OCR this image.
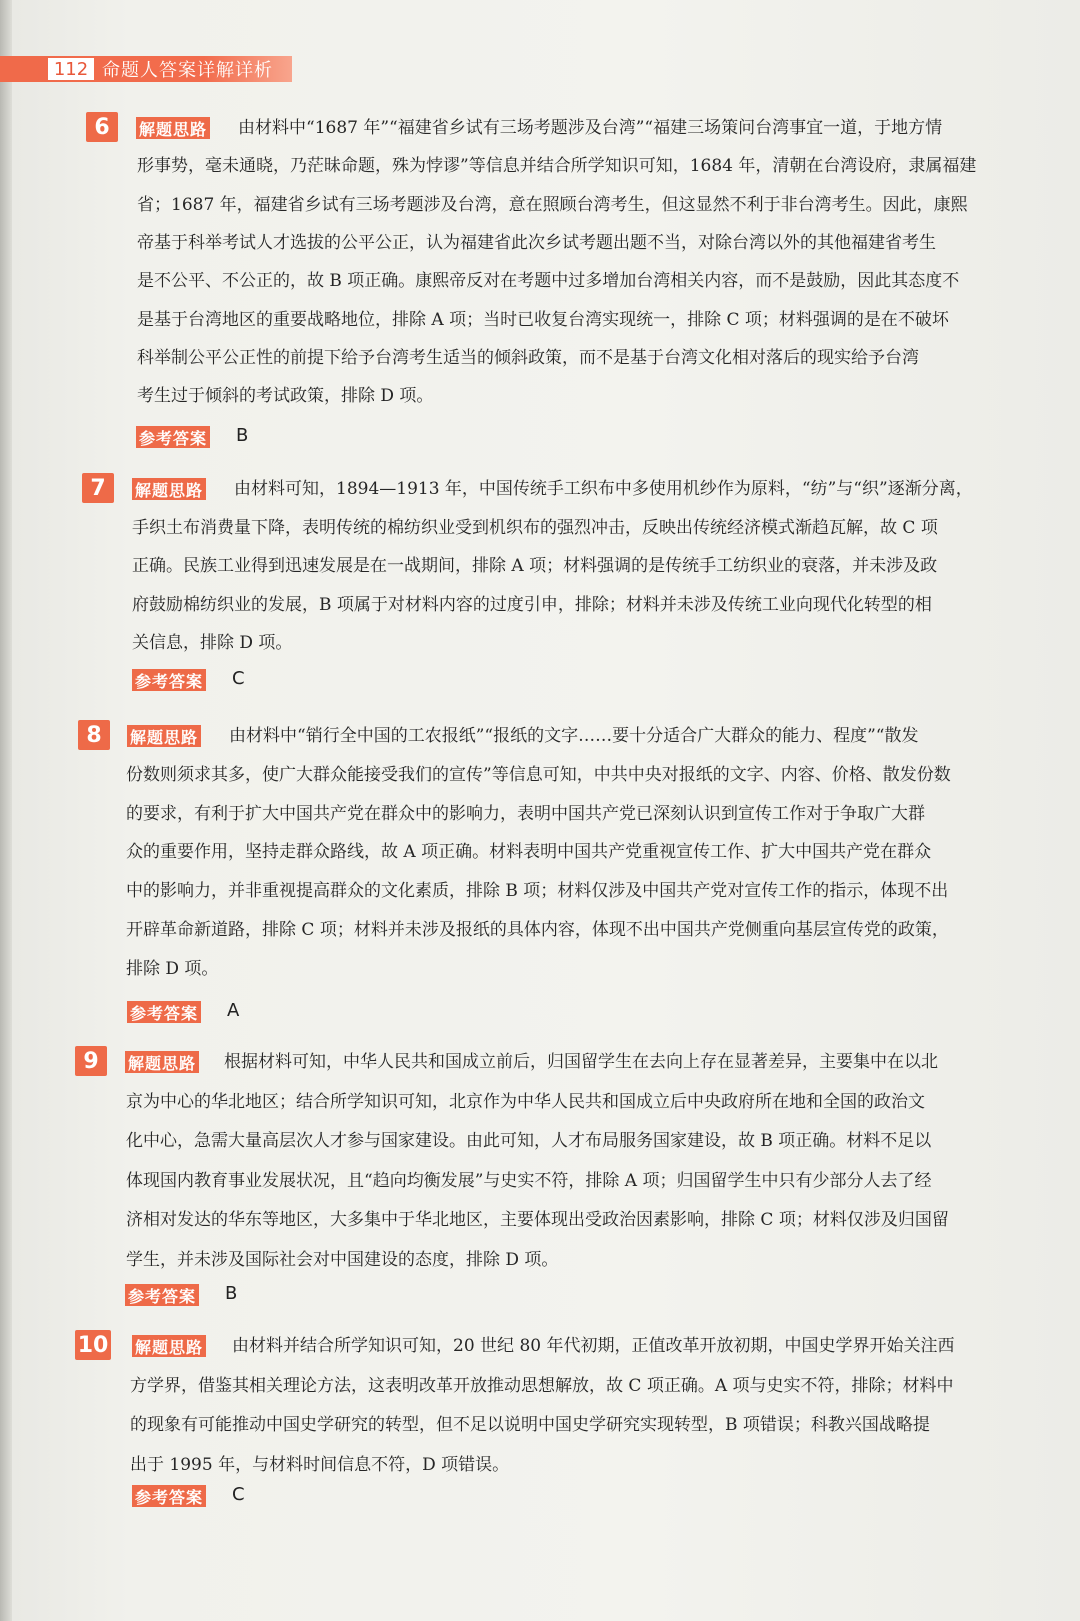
112 命题人答案详解详析
6	解题思路 由材料中“1687 年”“福建省乡试有三场考题涉及台湾”“福建三场策问台湾事宜一道，于地方情
形事势，毫未通晓，乃茫昧命题，殊为悖谬”等信息并结合所学知识可知，1684 年，清朝在台湾设府，隶属福建
省；1687 年，福建省乡试有三场考题涉及台湾，意在照顾台湾考生，但这显然不利于非台湾考生。因此，康熙
帝基于科举考试人才选拔的公平公正，认为福建省此次乡试考题出题不当，对除台湾以外的其他福建省考生
是不公平、不公正的，故 B 项正确。康熙帝反对在考题中过多增加台湾相关内容，而不是鼓励，因此其态度不
是基于台湾地区的重要战略地位，排除 A 项；当时已收复台湾实现统一，排除 C 项；材料强调的是在不破坏
科举制公平公正性的前提下给予台湾考生适当的倾斜政策，而不是基于台湾文化相对落后的现实给予台湾
考生过于倾斜的考试政策，排除 D 项。
参考答案 B
7	解题思路 由材料可知，1894—1913 年，中国传统手工织布中多使用机纱作为原料，“纺”与“织”逐渐分离，
手织土布消费量下降，表明传统的棉纺织业受到机织布的强烈冲击，反映出传统经济模式渐趋瓦解，故 C 项
正确。民族工业得到迅速发展是在一战期间，排除 A 项；材料强调的是传统手工纺织业的衰落，并未涉及政
府鼓励棉纺织业的发展，B 项属于对材料内容的过度引申，排除；材料并未涉及传统工业向现代化转型的相
关信息，排除 D 项。
参考答案 C
8	解题思路 由材料中“销行全中国的工农报纸”“报纸的文字……要十分适合广大群众的能力、程度”“散发
份数则须求其多，使广大群众能接受我们的宣传”等信息可知，中共中央对报纸的文字、内容、价格、散发份数
的要求，有利于扩大中国共产党在群众中的影响力，表明中国共产党已深刻认识到宣传工作对于争取广大群
众的重要作用，坚持走群众路线，故 A 项正确。材料表明中国共产党重视宣传工作、扩大中国共产党在群众
中的影响力，并非重视提高群众的文化素质，排除 B 项；材料仅涉及中国共产党对宣传工作的指示，体现不出
开辟革命新道路，排除 C 项；材料并未涉及报纸的具体内容，体现不出中国共产党侧重向基层宣传党的政策，
排除 D 项。
参考答案 A
9	解题思路 根据材料可知，中华人民共和国成立前后，归国留学生在去向上存在显著差异，主要集中在以北
京为中心的华北地区；结合所学知识可知，北京作为中华人民共和国成立后中央政府所在地和全国的政治文
化中心，急需大量高层次人才参与国家建设。由此可知，人才布局服务国家建设，故 B 项正确。材料不足以
体现国内教育事业发展状况，且“趋向均衡发展”与史实不符，排除 A 项；归国留学生中只有少部分人去了经
济相对发达的华东等地区，大多集中于华北地区，主要体现出受政治因素影响，排除 C 项；材料仅涉及归国留
学生，并未涉及国际社会对中国建设的态度，排除 D 项。
参考答案 B
10 解题思路 由材料并结合所学知识可知，20 世纪 80 年代初期，正值改革开放初期，中国史学界开始关注西
方学界，借鉴其相关理论方法，这表明改革开放推动思想解放，故 C 项正确。A 项与史实不符，排除；材料中
的现象有可能推动中国史学研究的转型，但不足以说明中国史学研究实现转型，B 项错误；科教兴国战略提
出于 1995 年，与材料时间信息不符，D 项错误。
参考答案 C
